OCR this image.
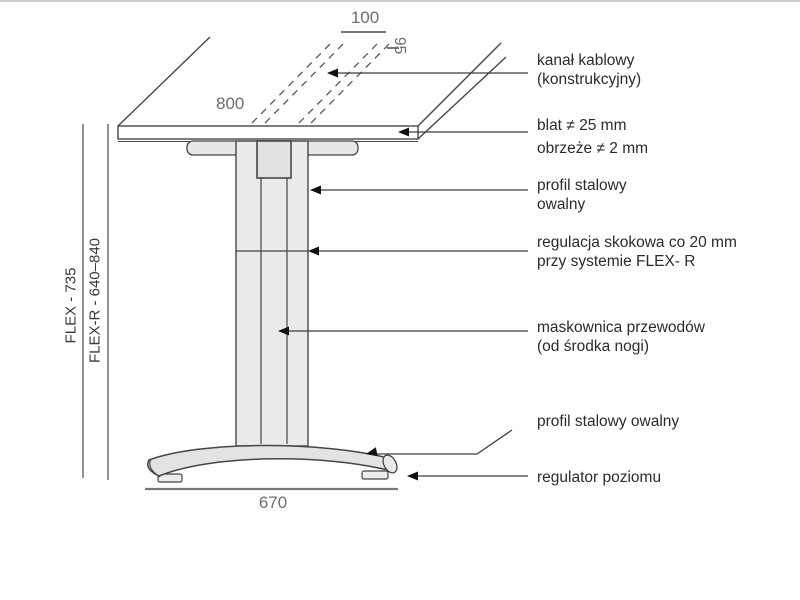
100
95
800
670
FLEX - 735 FLEX-R - 640–840
kanał kablowy
(konstrukcyjny)
blat ≠ 25 mm
obrzeże ≠ 2 mm
profil stalowy
owalny
regulacja skokowa co 20 mm
przy systemie FLEX- R
maskownica przewodów
(od środka nogi)
profil stalowy owalny
regulator poziomu
